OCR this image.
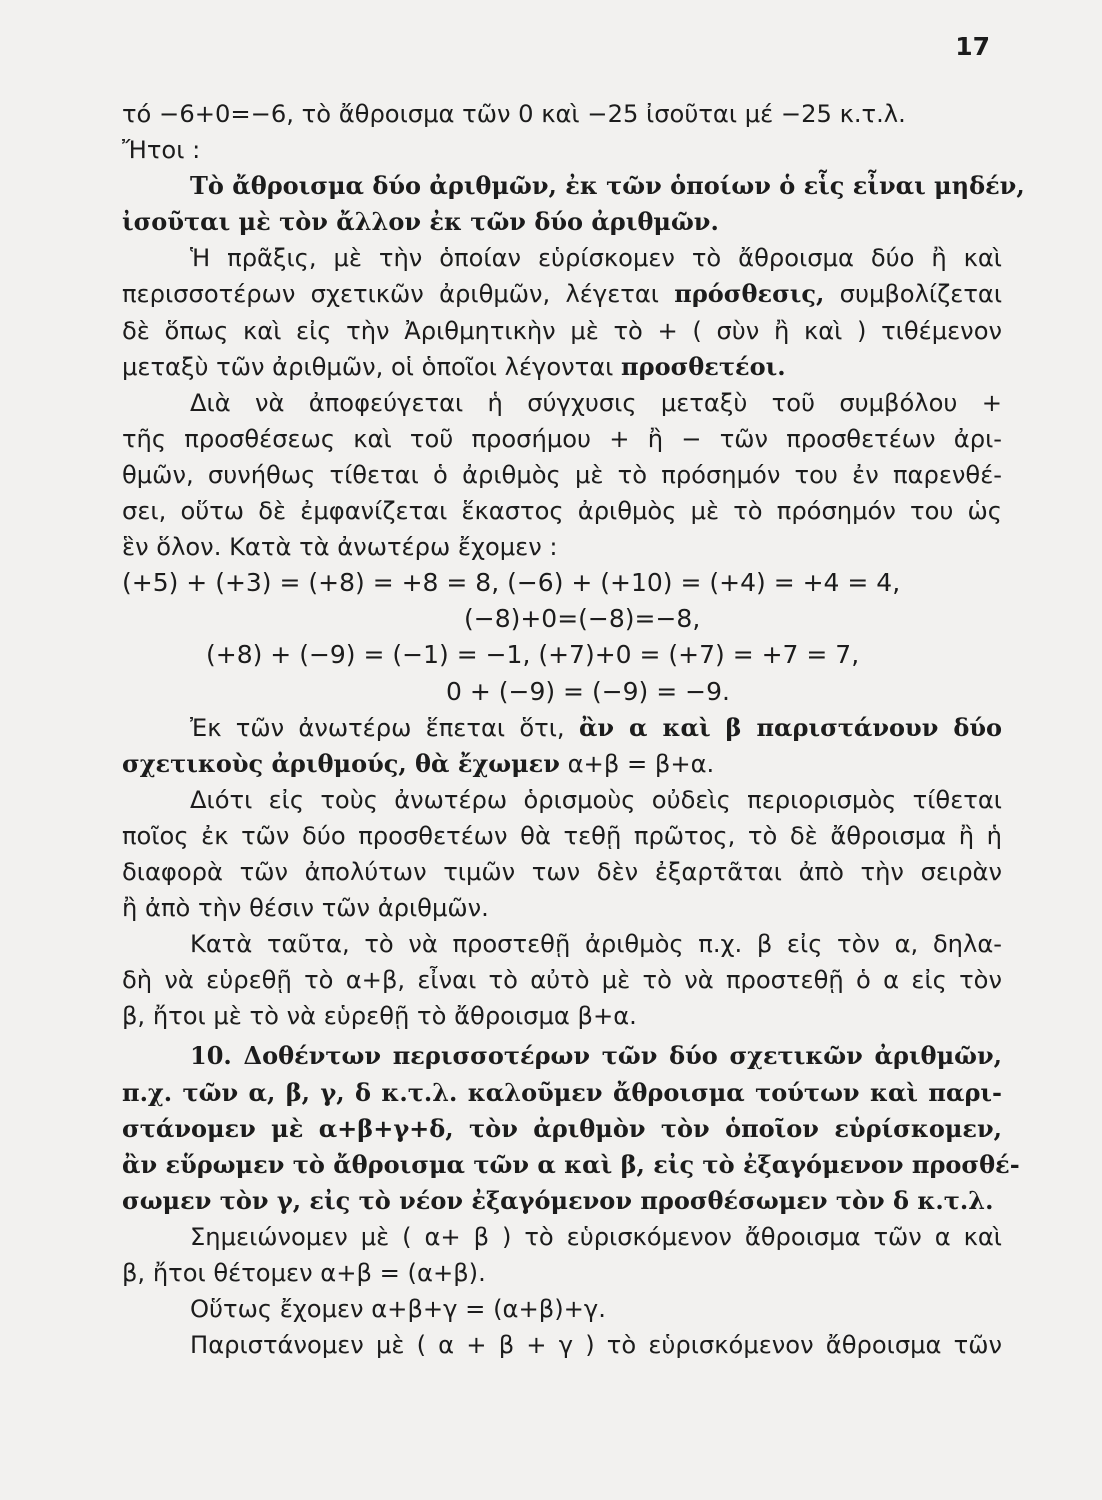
17
τό −6+0=−6, τὸ ἄθροισμα τῶν 0 καὶ −25 ἰσοῦται μέ −25 κ.τ.λ.
Ἤτοι :
Τὸ ἄθροισμα δύο ἀριθμῶν, ἐκ τῶν ὁποίων ὁ εἷς εἶναι μηδέν,
ἰσοῦται μὲ τὸν ἄλλον ἐκ τῶν δύο ἀριθμῶν.
Ἡ πρᾶξις, μὲ τὴν ὁποίαν εὑρίσκομεν τὸ ἄθροισμα δύο ἢ καὶ
περισσοτέρων σχετικῶν ἀριθμῶν, λέγεται πρόσθεσις, συμβολίζεται
δὲ ὅπως καὶ εἰς τὴν Ἀριθμητικὴν μὲ τὸ + ( σὺν ἢ καὶ ) τιθέμενον
μεταξὺ τῶν ἀριθμῶν, οἱ ὁποῖοι λέγονται προσθετέοι.
Διὰ νὰ ἀποφεύγεται ἡ σύγχυσις μεταξὺ τοῦ συμβόλου +
τῆς προσθέσεως καὶ τοῦ προσήμου + ἢ − τῶν προσθετέων ἀρι-
θμῶν, συνήθως τίθεται ὁ ἀριθμὸς μὲ τὸ πρόσημόν του ἐν παρενθέ-
σει, οὕτω δὲ ἐμφανίζεται ἕκαστος ἀριθμὸς μὲ τὸ πρόσημόν του ὡς
ἓν ὅλον. Κατὰ τὰ ἀνωτέρω ἔχομεν :
(+5) + (+3) = (+8) = +8 = 8, (−6) + (+10) = (+4) = +4 = 4,
(−8)+0=(−8)=−8,
(+8) + (−9) = (−1) = −1, (+7)+0 = (+7) = +7 = 7,
0 + (−9) = (−9) = −9.
Ἐκ τῶν ἀνωτέρω ἕπεται ὅτι, ἂν α καὶ β παριστάνουν δύο
σχετικοὺς ἀριθμούς, θὰ ἔχωμεν α+β = β+α.
Διότι εἰς τοὺς ἀνωτέρω ὁρισμοὺς οὐδεὶς περιορισμὸς τίθεται
ποῖος ἐκ τῶν δύο προσθετέων θὰ τεθῇ πρῶτος, τὸ δὲ ἄθροισμα ἢ ἡ
διαφορὰ τῶν ἀπολύτων τιμῶν των δὲν ἐξαρτᾶται ἀπὸ τὴν σειρὰν
ἢ ἀπὸ τὴν θέσιν τῶν ἀριθμῶν.
Κατὰ ταῦτα, τὸ νὰ προστεθῇ ἀριθμὸς π.χ. β εἰς τὸν α, δηλα-
δὴ νὰ εὑρεθῇ τὸ α+β, εἶναι τὸ αὐτὸ μὲ τὸ νὰ προστεθῇ ὁ α εἰς τὸν
β, ἤτοι μὲ τὸ νὰ εὑρεθῇ τὸ ἄθροισμα β+α.
10. Δοθέντων περισσοτέρων τῶν δύο σχετικῶν ἀριθμῶν,
π.χ. τῶν α, β, γ, δ κ.τ.λ. καλοῦμεν ἄθροισμα τούτων καὶ παρι-
στάνομεν μὲ α+β+γ+δ, τὸν ἀριθμὸν τὸν ὁποῖον εὑρίσκομεν,
ἂν εὕρωμεν τὸ ἄθροισμα τῶν α καὶ β, εἰς τὸ ἐξαγόμενον προσθέ-
σωμεν τὸν γ, εἰς τὸ νέον ἐξαγόμενον προσθέσωμεν τὸν δ κ.τ.λ.
Σημειώνομεν μὲ ( α+ β ) τὸ εὑρισκόμενον ἄθροισμα τῶν α καὶ
β, ἤτοι θέτομεν α+β = (α+β).
Οὕτως ἔχομεν α+β+γ = (α+β)+γ.
Παριστάνομεν μὲ ( α + β + γ ) τὸ εὑρισκόμενον ἄθροισμα τῶν
